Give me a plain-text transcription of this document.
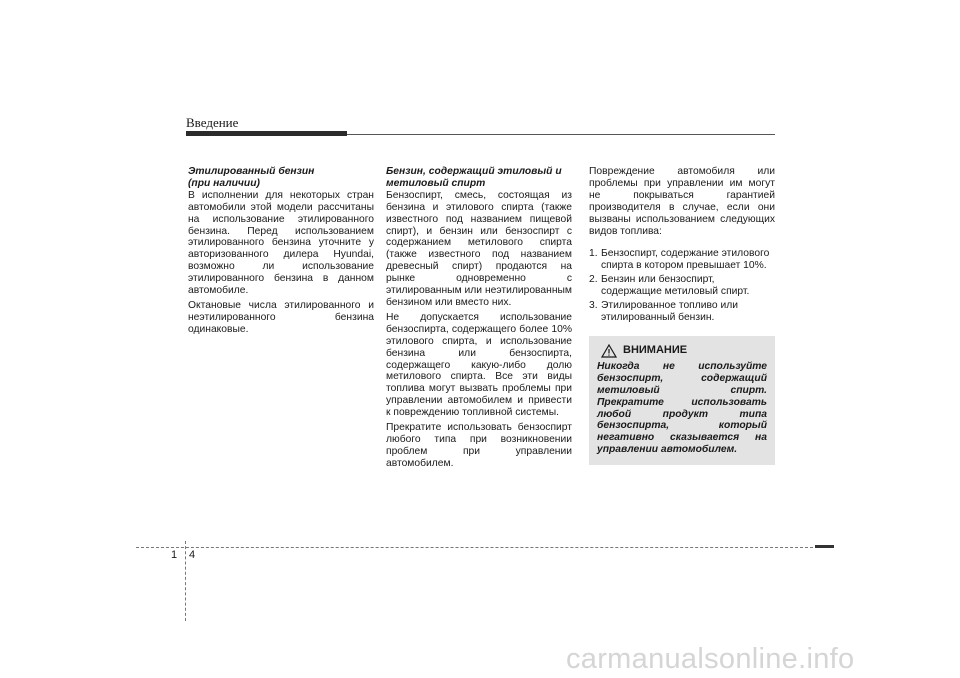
Введение
Этилированный бензин
(при наличии)
В исполнении для некоторых стран автомобили этой модели рассчитаны на использование этилированного бензина. Перед использованием этилированного бензина уточните у авторизованного дилера Hyundai, возможно ли использование этилированного бензина в данном автомобиле.
Октановые числа этилированного и неэтилированного бензина одинаковые.
Бензин, содержащий этиловый и
метиловый спирт
Бензоспирт, смесь, состоящая из бензина и этилового спирта (также известного под названием пищевой спирт), и бензин или бензоспирт с содержанием метилового спирта (также известного под названием древесный спирт) продаются на рынке одновременно с этилированным или неэтилированным бензином или вместо них.
Не допускается использование бензоспирта, содержащего более 10% этилового спирта, и использование бензина или бензоспирта, содержащего какую-либо долю метилового спирта. Все эти виды топлива могут вызвать проблемы при управлении автомобилем и привести к повреждению топливной системы.
Прекратите использовать бензоспирт любого типа при возникновении проблем при управлении автомобилем.
Повреждение автомобиля или проблемы при управлении им могут не покрываться гарантией производителя в случае, если они вызваны использованием следующих видов топлива:
1. Бензоспирт, содержание этилового спирта в котором превышает 10%.
2. Бензин или бензоспирт, содержащие метиловый спирт.
3. Этилированное топливо или этилированный бензин.
ВНИМАНИЕ
Никогда не используйте бензоспирт, содержащий метиловый спирт. Прекратите использовать любой продукт типа бензоспирта, который негативно сказывается на управлении автомобилем.
1 4
carmanualsonline.info
